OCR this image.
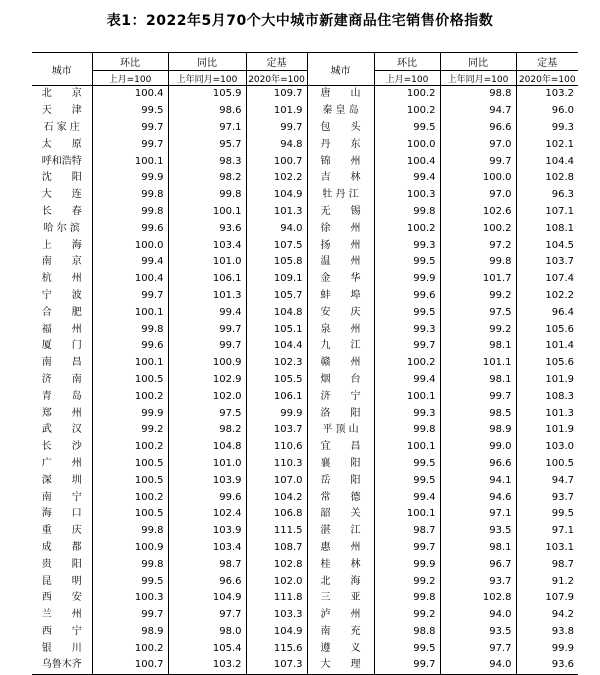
表1：2022年5月70个大中城市新建商品住宅销售价格指数
城市	环比	同比	定基	城市	环比	同比	定基
	上月=100	上年同月=100	2020年=100		上月=100	上年同月=100	2020年=100
北　　京	100.4	105.9	109.7	唐　　山	100.2	98.8	103.2
天　　津	99.5	98.6	101.9	秦 皇 岛	100.2	94.7	96.0
石 家 庄	99.7	97.1	99.7	包　　头	99.5	96.6	99.3
太　　原	99.7	95.7	94.8	丹　　东	100.0	97.0	102.1
呼和浩特	100.1	98.3	100.7	锦　　州	100.4	99.7	104.4
沈　　阳	99.9	98.2	102.2	吉　　林	99.4	100.0	102.8
大　　连	99.8	99.8	104.9	牡 丹 江	100.3	97.0	96.3
长　　春	99.8	100.1	101.3	无　　锡	99.8	102.6	107.1
哈 尔 滨	99.6	93.6	94.0	徐　　州	100.2	100.2	108.1
上　　海	100.0	103.4	107.5	扬　　州	99.3	97.2	104.5
南　　京	99.4	101.0	105.8	温　　州	99.5	99.8	103.7
杭　　州	100.4	106.1	109.1	金　　华	99.9	101.7	107.4
宁　　波	99.7	101.3	105.7	蚌　　埠	99.6	99.2	102.2
合　　肥	100.1	99.4	104.8	安　　庆	99.5	97.5	96.4
福　　州	99.8	99.7	105.1	泉　　州	99.3	99.2	105.6
厦　　门	99.6	99.7	104.4	九　　江	99.7	98.1	101.4
南　　昌	100.1	100.9	102.3	赣　　州	100.2	101.1	105.6
济　　南	100.5	102.9	105.5	烟　　台	99.4	98.1	101.9
青　　岛	100.2	102.0	106.1	济　　宁	100.1	99.7	108.3
郑　　州	99.9	97.5	99.9	洛　　阳	99.3	98.5	101.3
武　　汉	99.2	98.2	103.7	平 顶 山	99.8	98.9	101.9
长　　沙	100.2	104.8	110.6	宜　　昌	100.1	99.0	103.0
广　　州	100.5	101.0	110.3	襄　　阳	99.5	96.6	100.5
深　　圳	100.5	103.9	107.0	岳　　阳	99.5	94.1	94.7
南　　宁	100.2	99.6	104.2	常　　德	99.4	94.6	93.7
海　　口	100.5	102.4	106.8	韶　　关	100.1	97.1	99.5
重　　庆	99.8	103.9	111.5	湛　　江	98.7	93.5	97.1
成　　都	100.9	103.4	108.7	惠　　州	99.7	98.1	103.1
贵　　阳	99.8	98.7	102.8	桂　　林	99.9	96.7	98.7
昆　　明	99.5	96.6	102.0	北　　海	99.2	93.7	91.2
西　　安	100.3	104.9	111.8	三　　亚	99.8	102.8	107.9
兰　　州	99.7	97.7	103.3	泸　　州	99.2	94.0	94.2
西　　宁	98.9	98.0	104.9	南　　充	98.8	93.5	93.8
银　　川	100.2	105.4	115.6	遵　　义	99.5	97.7	99.9
乌鲁木齐	100.7	103.2	107.3	大　　理	99.7	94.0	93.6
